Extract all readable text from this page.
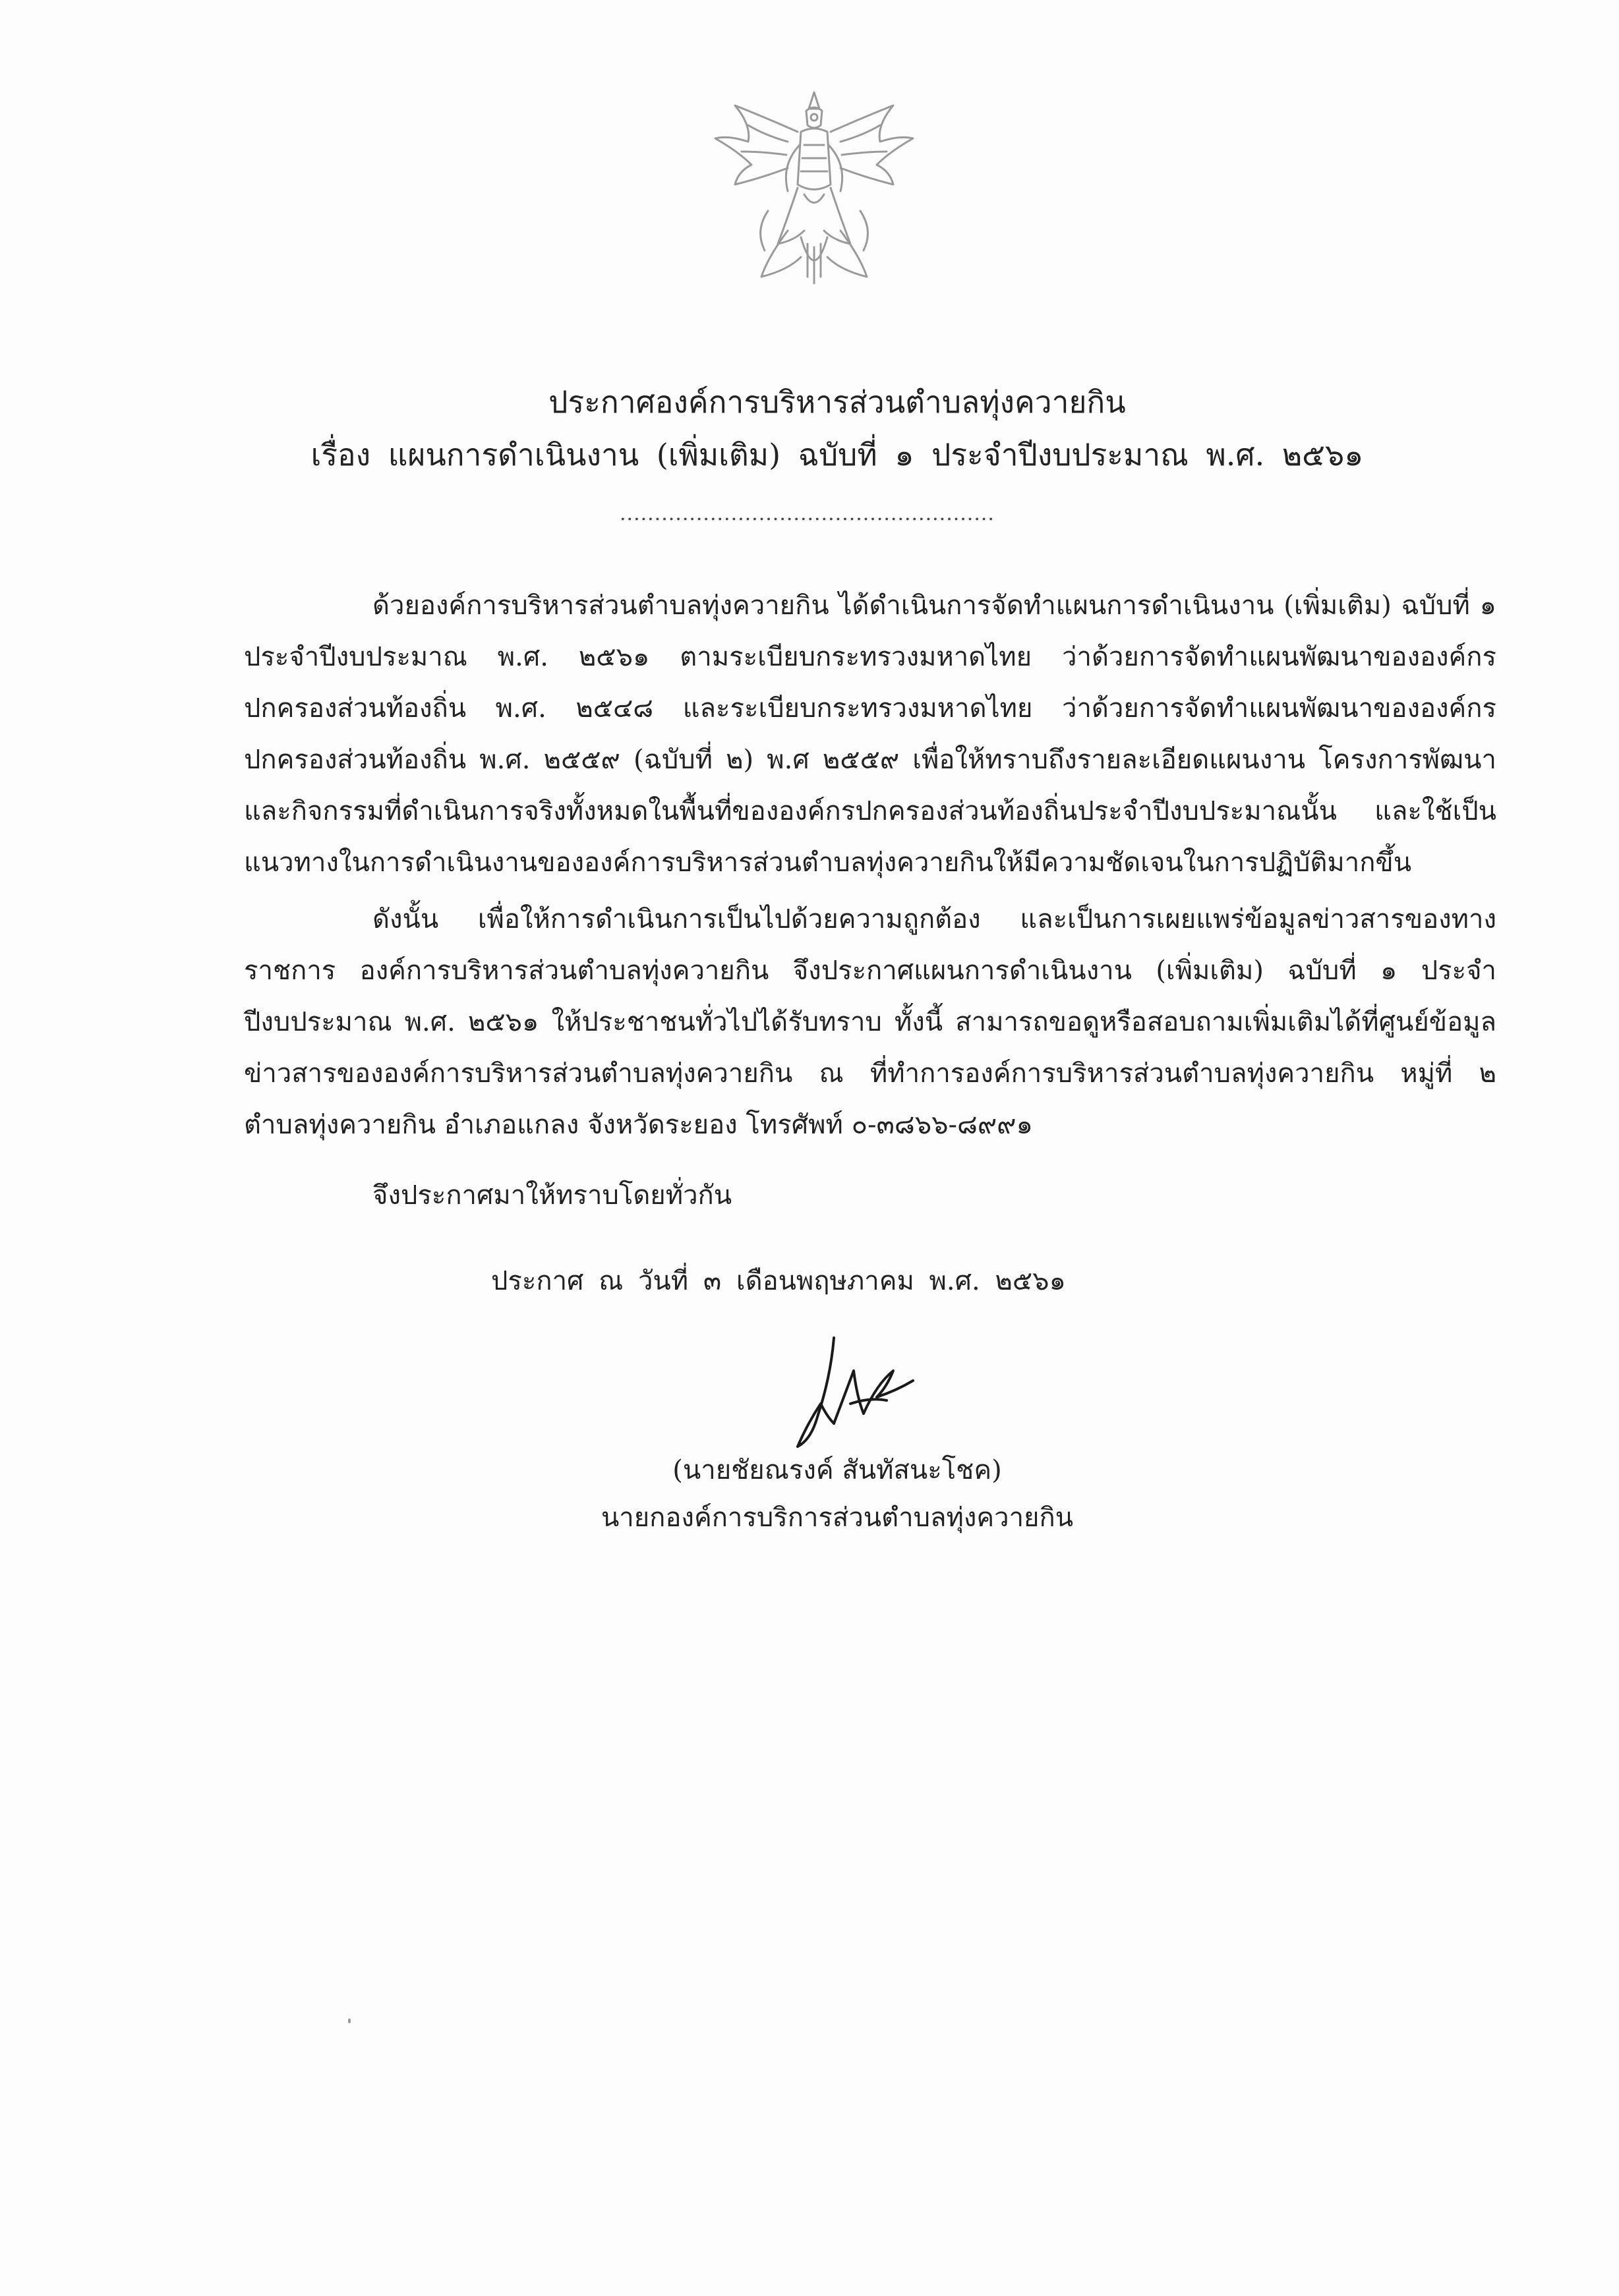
ประกาศองค์การบริหารส่วนตำบลทุ่งควายกิน
เรื่อง แผนการดำเนินงาน (เพิ่มเติม) ฉบับที่ ๑ ประจำปีงบประมาณ พ.ศ. ๒๕๖๑
......................................................

ด้วยองค์การบริหารส่วนตำบลทุ่งควายกิน ได้ดำเนินการจัดทำแผนการดำเนินงาน (เพิ่มเติม) ฉบับที่ ๑ ประจำปีงบประมาณ พ.ศ. ๒๕๖๑ ตามระเบียบกระทรวงมหาดไทย ว่าด้วยการจัดทำแผนพัฒนาขององค์กรปกครองส่วนท้องถิ่น พ.ศ. ๒๕๔๘ และระเบียบกระทรวงมหาดไทย ว่าด้วยการจัดทำแผนพัฒนาขององค์กรปกครองส่วนท้องถิ่น พ.ศ. ๒๕๕๙ (ฉบับที่ ๒) พ.ศ ๒๕๕๙ เพื่อให้ทราบถึงรายละเอียดแผนงาน โครงการพัฒนาและกิจกรรมที่ดำเนินการจริงทั้งหมดในพื้นที่ขององค์กรปกครองส่วนท้องถิ่นประจำปีงบประมาณนั้น และใช้เป็นแนวทางในการดำเนินงานขององค์การบริหารส่วนตำบลทุ่งควายกินให้มีความชัดเจนในการปฏิบัติมากขึ้น

ดังนั้น เพื่อให้การดำเนินการเป็นไปด้วยความถูกต้อง และเป็นการเผยแพร่ข้อมูลข่าวสารของทางราชการ องค์การบริหารส่วนตำบลทุ่งควายกิน จึงประกาศแผนการดำเนินงาน (เพิ่มเติม) ฉบับที่ ๑ ประจำปีงบประมาณ พ.ศ. ๒๕๖๑ ให้ประชาชนทั่วไปได้รับทราบ ทั้งนี้ สามารถขอดูหรือสอบถามเพิ่มเติมได้ที่ศูนย์ข้อมูลข่าวสารขององค์การบริหารส่วนตำบลทุ่งควายกิน ณ ที่ทำการองค์การบริหารส่วนตำบลทุ่งควายกิน หมู่ที่ ๒ ตำบลทุ่งควายกิน อำเภอแกลง จังหวัดระยอง โทรศัพท์ ๐-๓๘๖๖-๘๙๙๑

จึงประกาศมาให้ทราบโดยทั่วกัน
ประกาศ ณ วันที่ ๓ เดือนพฤษภาคม พ.ศ. ๒๕๖๑
(นายชัยณรงค์ สันทัสนะโชค)
นายกองค์การบริการส่วนตำบลทุ่งควายกิน
